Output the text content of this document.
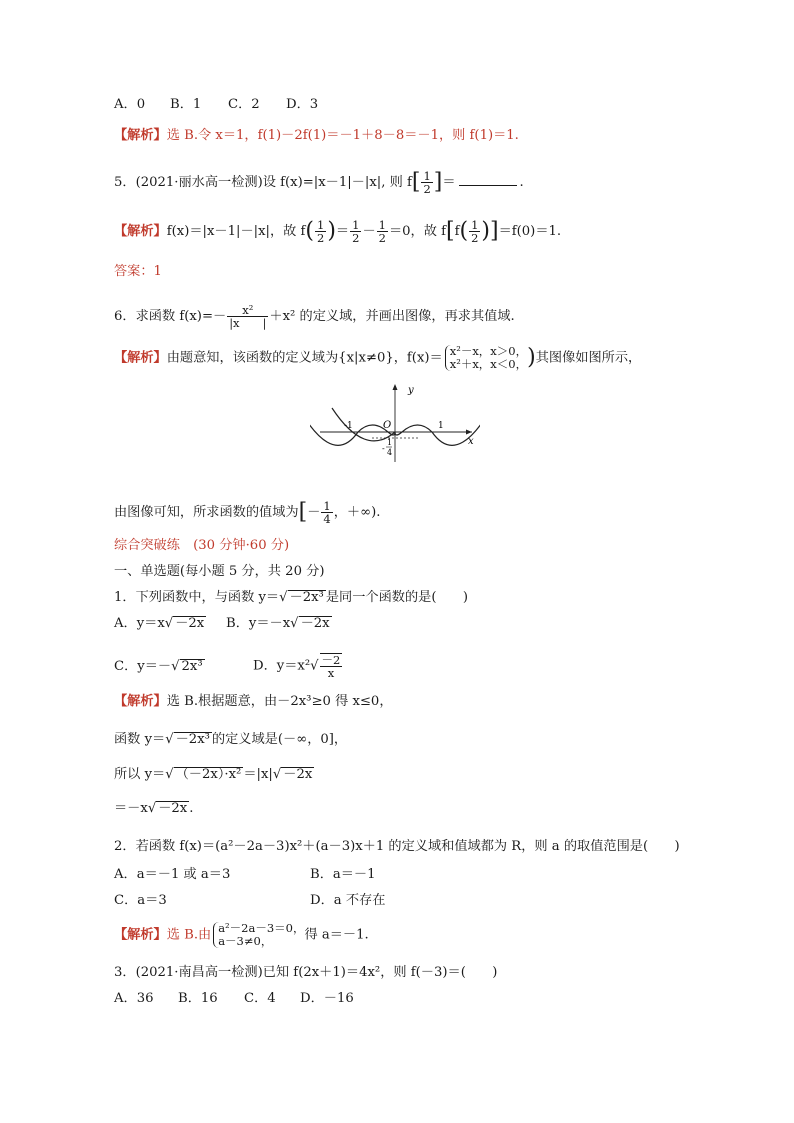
A．0 B．1 C．2 D．3
【解析】选 B.令 x＝1，f(1)－2f(1)＝－1＋8－8＝－1，则 f(1)＝1.
5．(2021·丽水高一检测)设 f(x)=|x－1|－|x|, 则 $f[ \frac{1}{2}$ ]＝	.
【解析】f(x)＝|x－1|－|x|，故 $f( \frac{1}{2}$ )＝ $\frac{1}{2} - \frac{1}{2} =0$，故 $f[f( \frac{1}{2} )]=f(0)=1$.
答案：1
6．求函数 $f(x)=- \frac{\text{x²}}{|x |} +x^2$ 的定义域，并画出图像，再求其值域.
【解析】由题意知，该函数的定义域为{x|x≠0}，f(x)＝ x²－x，x＞0，
x²＋x，x＜0， )其图像如图所示，
y
x
O
-1	1
-
1
4
由图像可知，所求函数的值域为[－ $\frac{1}{4}$ ，＋∞).
综合突破练　(30 分钟·60 分)
一、单选题(每小题 5 分，共 20 分)
1．下列函数中，与函数 y＝√ －2x³ 是同一个函数的是(　　)
A．y＝x√ －2x B．y＝－x√ －2x
C．y＝－√ 2x³	D．$y=x^2√ \frac{-2}{x}$
【解析】选 B.根据题意，由－2x³≥0 得 x≤0，
函数 y＝√ －2x³ 的定义域是(－∞，0]，
所以 y＝√ （－2x）·x² ＝|x|√ －2x
＝－x√ －2x .
2．若函数 f(x)＝(a²－2a－3)x²＋(a－3)x＋1 的定义域和值域都为 R，则 a 的取值范围是(　　)
A．a＝－1 或 a＝3	B．a＝－1
C．a＝3	D．a 不存在
【解析】选 B.由 a²－2a－3＝0，
a－3≠0，	得 a＝－1.
3．(2021·南昌高一检测)已知 f(2x＋1)＝4x²，则 f(－3)＝(　　)
A．36 B．16 C．4 D．－16
